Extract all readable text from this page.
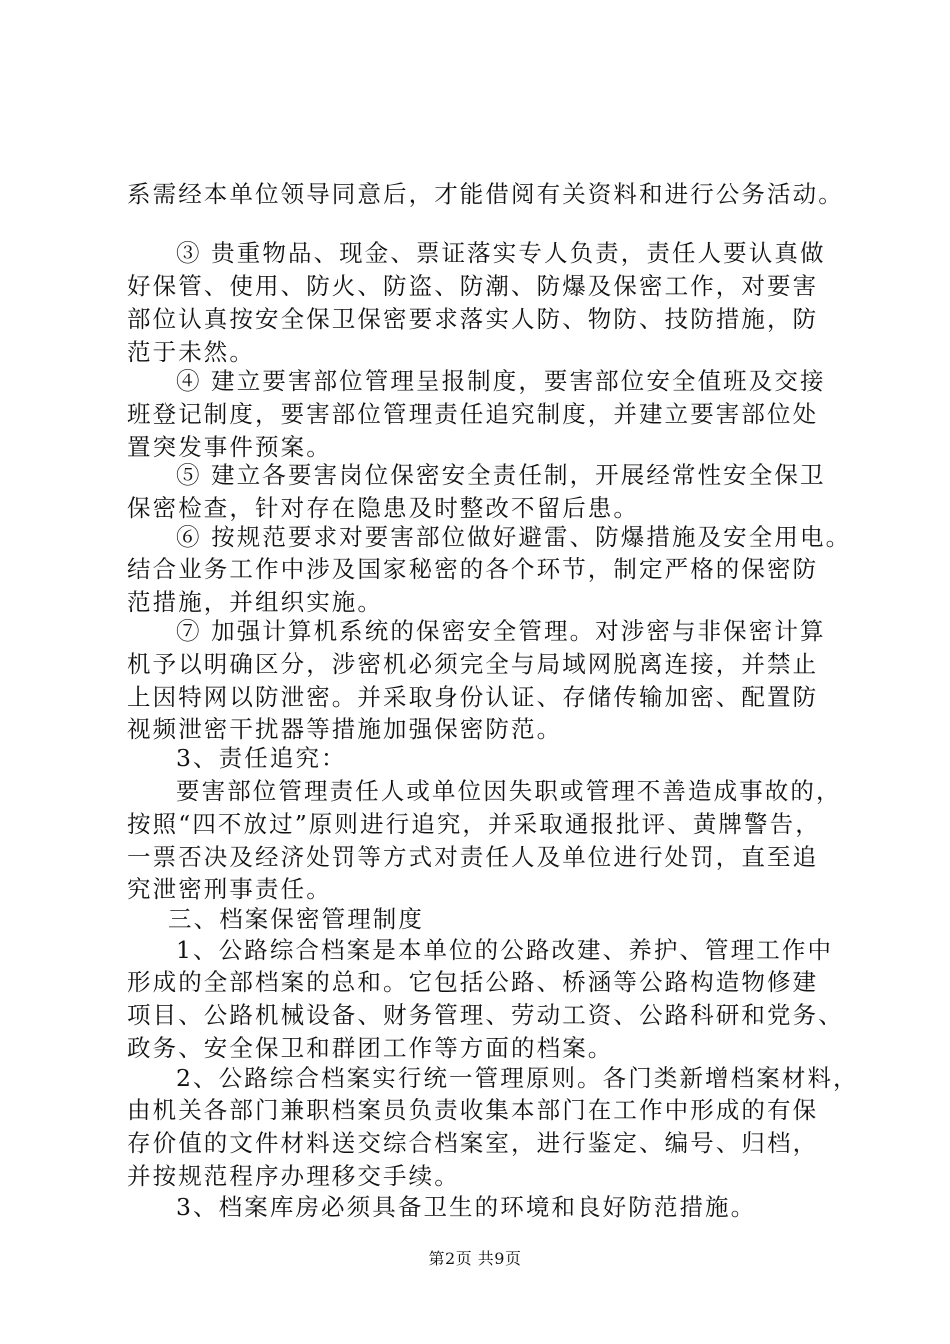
系需经本单位领导同意后，才能借阅有关资料和进行公务活动。
③ 贵重物品、现金、票证落实专人负责，责任人要认真做
好保管、使用、防火、防盗、防潮、防爆及保密工作，对要害
部位认真按安全保卫保密要求落实人防、物防、技防措施，防
范于未然。
④ 建立要害部位管理呈报制度，要害部位安全值班及交接
班登记制度，要害部位管理责任追究制度，并建立要害部位处
置突发事件预案。
⑤ 建立各要害岗位保密安全责任制，开展经常性安全保卫
保密检查，针对存在隐患及时整改不留后患。
⑥ 按规范要求对要害部位做好避雷、防爆措施及安全用电。
结合业务工作中涉及国家秘密的各个环节，制定严格的保密防
范措施，并组织实施。
⑦ 加强计算机系统的保密安全管理。对涉密与非保密计算
机予以明确区分，涉密机必须完全与局域网脱离连接，并禁止
上因特网以防泄密。并采取身份认证、存储传输加密、配置防
视频泄密干扰器等措施加强保密防范。
3、责任追究：
要害部位管理责任人或单位因失职或管理不善造成事故的，
按照“四不放过”原则进行追究，并采取通报批评、黄牌警告，
一票否决及经济处罚等方式对责任人及单位进行处罚，直至追
究泄密刑事责任。
三、档案保密管理制度
1、公路综合档案是本单位的公路改建、养护、管理工作中
形成的全部档案的总和。它包括公路、桥涵等公路构造物修建
项目、公路机械设备、财务管理、劳动工资、公路科研和党务、
政务、安全保卫和群团工作等方面的档案。
2、公路综合档案实行统一管理原则。各门类新增档案材料，
由机关各部门兼职档案员负责收集本部门在工作中形成的有保
存价值的文件材料送交综合档案室，进行鉴定、编号、归档，
并按规范程序办理移交手续。
3、档案库房必须具备卫生的环境和良好防范措施。
第2页 共9页
